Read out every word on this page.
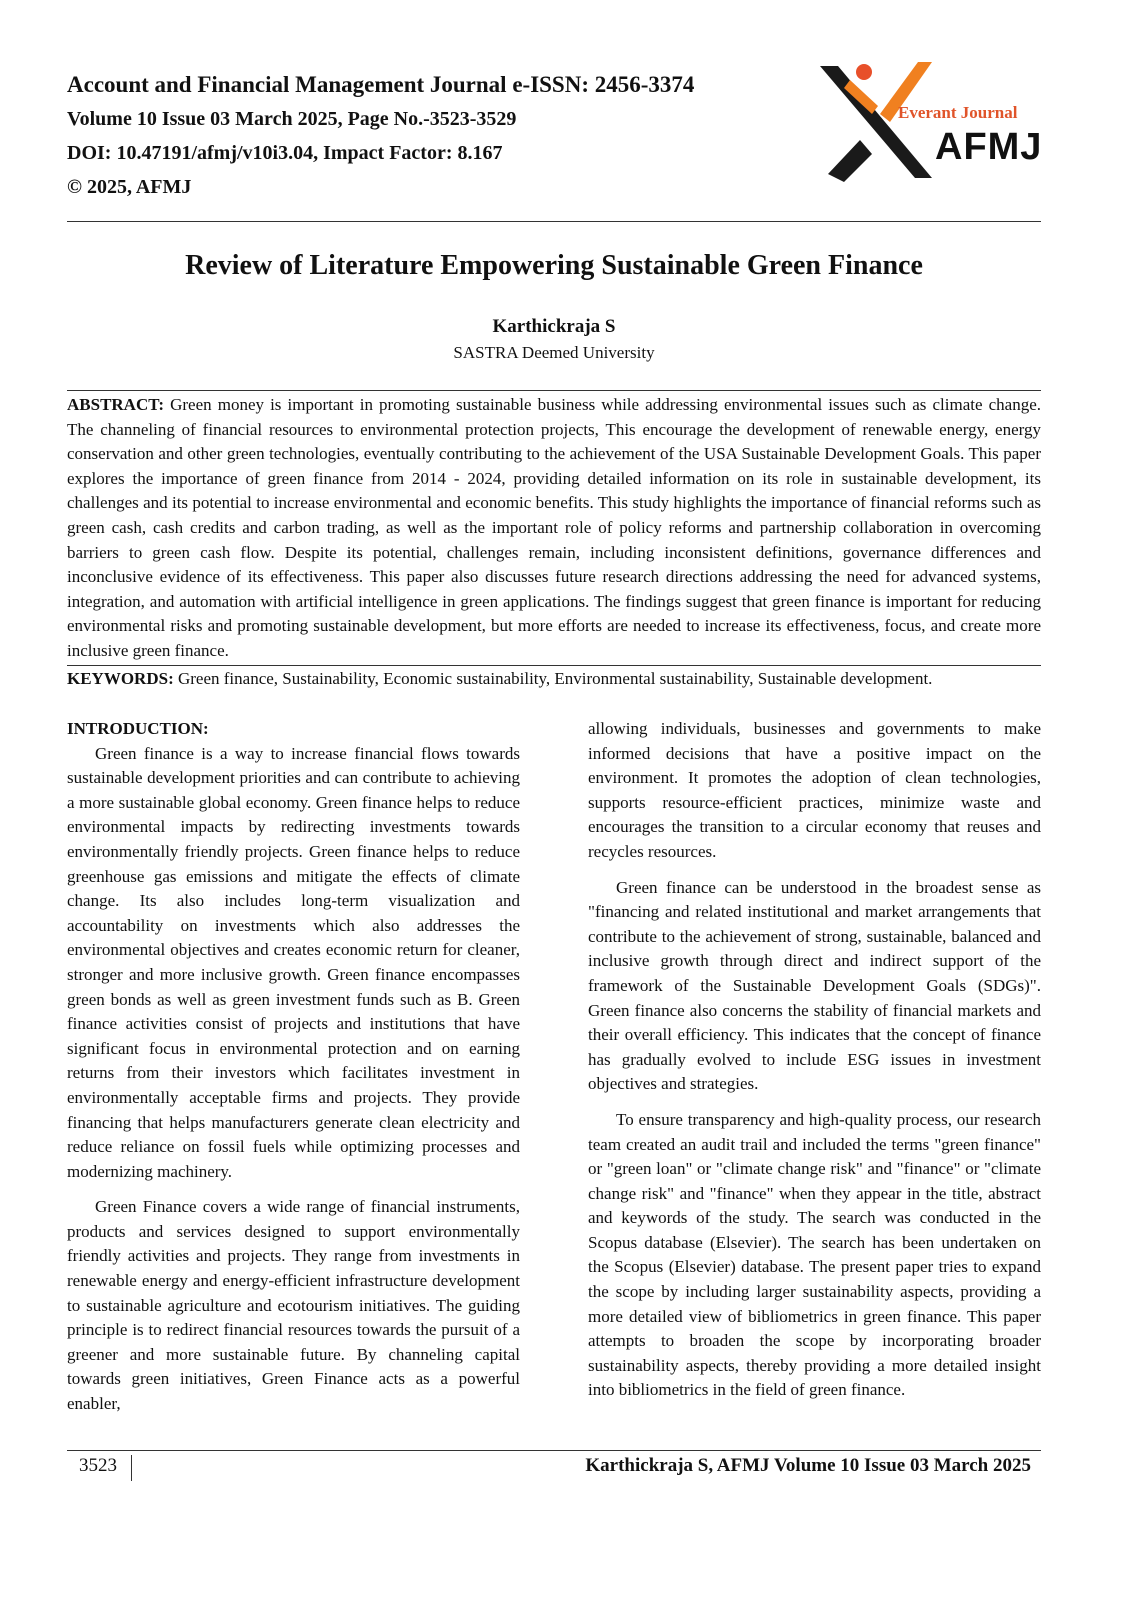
Account and Financial Management Journal e-ISSN: 2456-3374
Volume 10 Issue 03 March 2025, Page No.-3523-3529
DOI: 10.47191/afmj/v10i3.04, Impact Factor: 8.167
© 2025, AFMJ
Everant Journal
AFMJ
Review of Literature Empowering Sustainable Green Finance
Karthickraja S
SASTRA Deemed University
ABSTRACT: Green money is important in promoting sustainable business while addressing environmental issues such as climate change. The channeling of financial resources to environmental protection projects, This encourage the development of renewable energy, energy conservation and other green technologies, eventually contributing to the achievement of the USA Sustainable Development Goals. This paper explores the importance of green finance from 2014 - 2024, providing detailed information on its role in sustainable development, its challenges and its potential to increase environmental and economic benefits. This study highlights the importance of financial reforms such as green cash, cash credits and carbon trading, as well as the important role of policy reforms and partnership collaboration in overcoming barriers to green cash flow. Despite its potential, challenges remain, including inconsistent definitions, governance differences and inconclusive evidence of its effectiveness. This paper also discusses future research directions addressing the need for advanced systems, integration, and automation with artificial intelligence in green applications. The findings suggest that green finance is important for reducing environmental risks and promoting sustainable development, but more efforts are needed to increase its effectiveness, focus, and create more inclusive green finance.
KEYWORDS: Green finance, Sustainability, Economic sustainability, Environmental sustainability, Sustainable development.
INTRODUCTION:

Green finance is a way to increase financial flows towards sustainable development priorities and can contribute to achieving a more sustainable global economy. Green finance helps to reduce environmental impacts by redirecting investments towards environmentally friendly projects. Green finance helps to reduce greenhouse gas emissions and mitigate the effects of climate change. Its also includes long-term visualization and accountability on investments which also addresses the environmental objectives and creates economic return for cleaner, stronger and more inclusive growth. Green finance encompasses green bonds as well as green investment funds such as B. Green finance activities consist of projects and institutions that have significant focus in environmental protection and on earning returns from their investors which facilitates investment in environmentally acceptable firms and projects. They provide financing that helps manufacturers generate clean electricity and reduce reliance on fossil fuels while optimizing processes and modernizing machinery.

Green Finance covers a wide range of financial instruments, products and services designed to support environmentally friendly activities and projects. They range from investments in renewable energy and energy-efficient infrastructure development to sustainable agriculture and ecotourism initiatives. The guiding principle is to redirect financial resources towards the pursuit of a greener and more sustainable future. By channeling capital towards green initiatives, Green Finance acts as a powerful enabler,

allowing individuals, businesses and governments to make informed decisions that have a positive impact on the environment. It promotes the adoption of clean technologies, supports resource-efficient practices, minimize waste and encourages the transition to a circular economy that reuses and recycles resources.

Green finance can be understood in the broadest sense as "financing and related institutional and market arrangements that contribute to the achievement of strong, sustainable, balanced and inclusive growth through direct and indirect support of the framework of the Sustainable Development Goals (SDGs)". Green finance also concerns the stability of financial markets and their overall efficiency. This indicates that the concept of finance has gradually evolved to include ESG issues in investment objectives and strategies.

To ensure transparency and high-quality process, our research team created an audit trail and included the terms "green finance" or "green loan" or "climate change risk" and "finance" or "climate change risk" and "finance" when they appear in the title, abstract and keywords of the study. The search was conducted in the Scopus database (Elsevier). The search has been undertaken on the Scopus (Elsevier) database. The present paper tries to expand the scope by including larger sustainability aspects, providing a more detailed view of bibliometrics in green finance. This paper attempts to broaden the scope by incorporating broader sustainability aspects, thereby providing a more detailed insight into bibliometrics in the field of green finance.

3523	Karthickraja S, AFMJ Volume 10 Issue 03 March 2025
